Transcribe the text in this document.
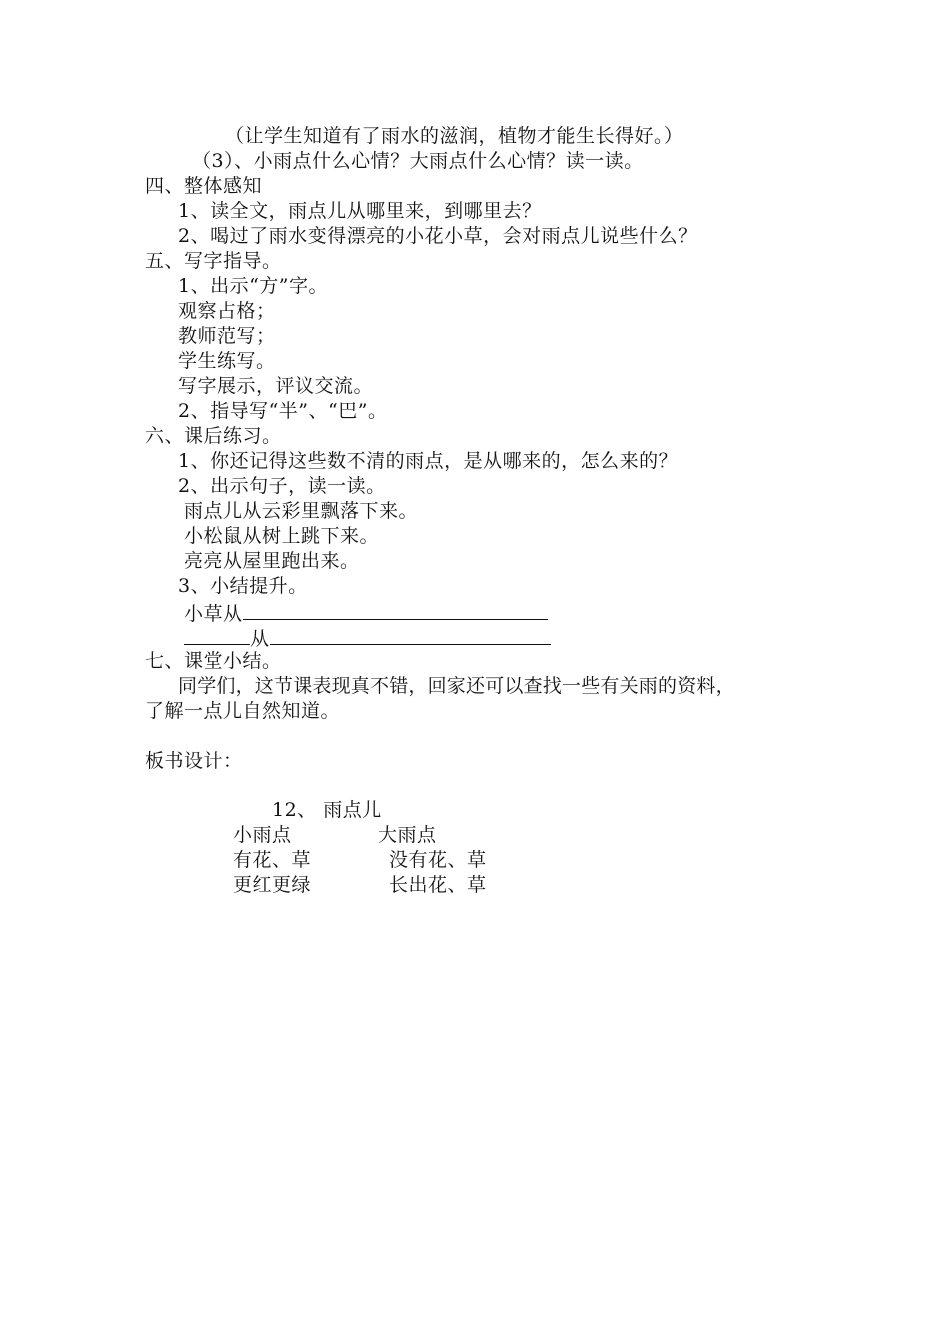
（让学生知道有了雨水的滋润，植物才能生长得好。）
（3）、小雨点什么心情？大雨点什么心情？读一读。
四、整体感知
1、读全文，雨点儿从哪里来，到哪里去？
2、喝过了雨水变得漂亮的小花小草，会对雨点儿说些什么？
五、写字指导。
1、出示“方”字。
观察占格；
教师范写；
学生练写。
写字展示，评议交流。
2、指导写“半”、“巴”。
六、课后练习。
1、你还记得这些数不清的雨点，是从哪来的，怎么来的？
2、出示句子，读一读。
雨点儿从云彩里飘落下来。
小松鼠从树上跳下来。
亮亮从屋里跑出来。
3、小结提升。
小草从
从
七、课堂小结。
同学们，这节课表现真不错，回家还可以查找一些有关雨的资料，
了解一点儿自然知道。
板书设计：
12、 雨点儿
小雨点	大雨点
有花、草	没有花、草
更红更绿	长出花、草
